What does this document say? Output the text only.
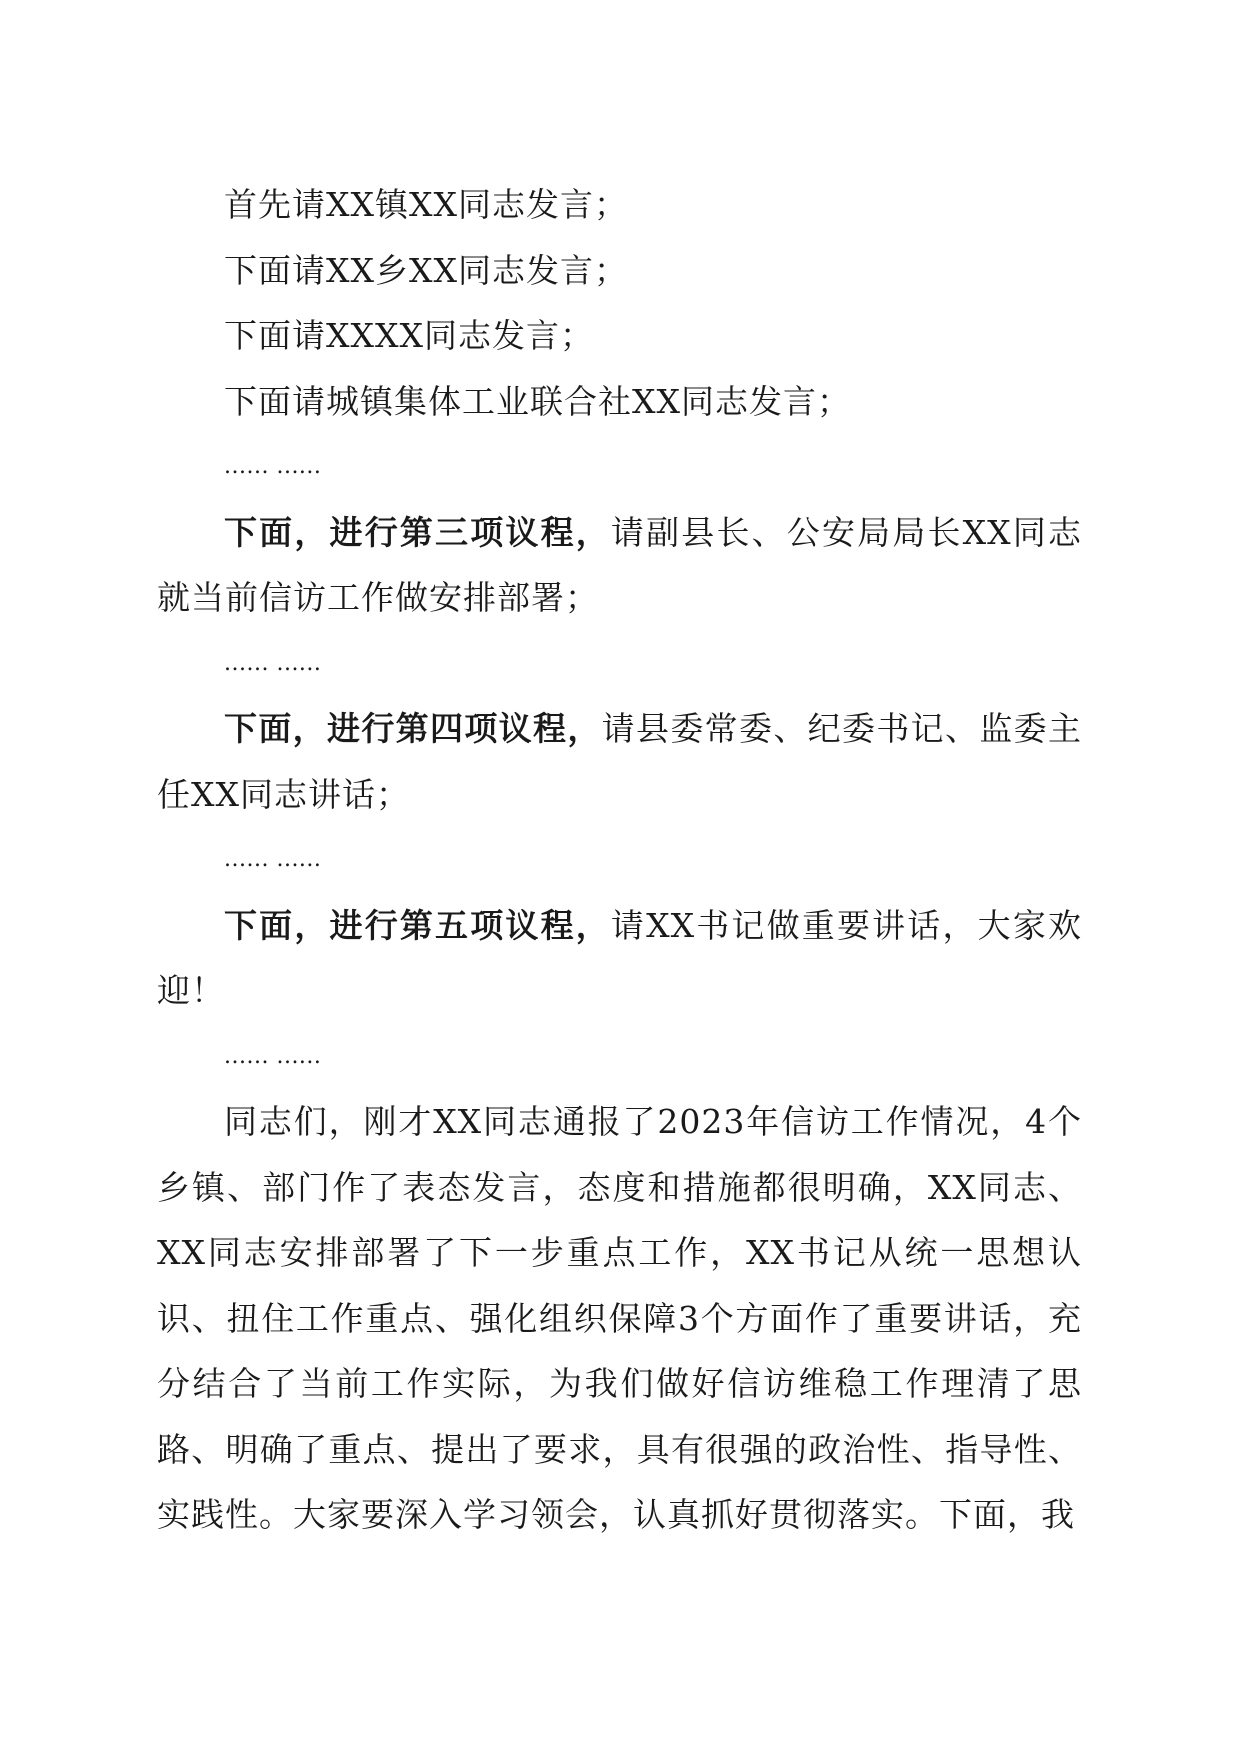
首先请XX镇XX同志发言；
下面请XX乡XX同志发言；
下面请XXXX同志发言；
下面请城镇集体工业联合社XX同志发言；
...... ......

下面，进行第三项议程，请副县长、公安局局长XX同志就当前信访工作做安排部署；

...... ......

下面，进行第四项议程，请县委常委、纪委书记、监委主任XX同志讲话；

...... ......

下面，进行第五项议程，请XX书记做重要讲话，大家欢迎！

...... ......

同志们，刚才XX同志通报了2023年信访工作情况，4个乡镇、部门作了表态发言，态度和措施都很明确，XX同志、XX同志安排部署了下一步重点工作，XX书记从统一思想认识、扭住工作重点、强化组织保障3个方面作了重要讲话，充分结合了当前工作实际，为我们做好信访维稳工作理清了思路、明确了重点、提出了要求，具有很强的政治性、指导性、实践性。大家要深入学习领会，认真抓好贯彻落实。下面，我
